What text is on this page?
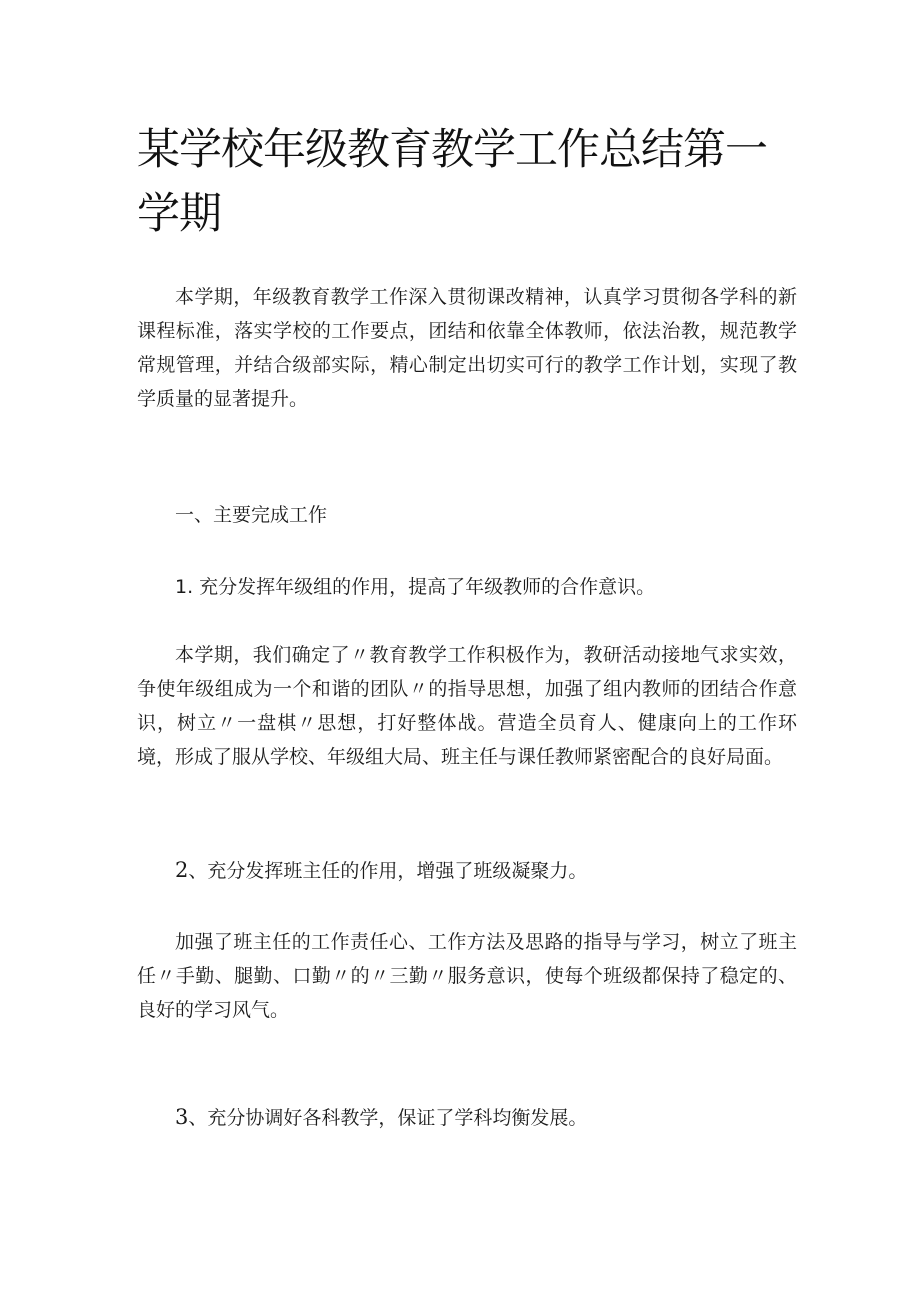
某学校年级教育教学工作总结第一学期

本学期，年级教育教学工作深入贯彻课改精神，认真学习贯彻各学科的新课程标准，落实学校的工作要点，团结和依靠全体教师，依法治教，规范教学常规管理，并结合级部实际，精心制定出切实可行的教学工作计划，实现了教学质量的显著提升。

一、主要完成工作

1. 充分发挥年级组的作用，提高了年级教师的合作意识。

本学期，我们确定了〃教育教学工作积极作为，教研活动接地气求实效，争使年级组成为一个和谐的团队〃的指导思想，加强了组内教师的团结合作意识，树立〃一盘棋〃思想，打好整体战。营造全员育人、健康向上的工作环境，形成了服从学校、年级组大局、班主任与课任教师紧密配合的良好局面。

2、充分发挥班主任的作用，增强了班级凝聚力。

加强了班主任的工作责任心、工作方法及思路的指导与学习，树立了班主任〃手勤、腿勤、口勤〃的〃三勤〃服务意识，使每个班级都保持了稳定的、良好的学习风气。

3、充分协调好各科教学，保证了学科均衡发展。
